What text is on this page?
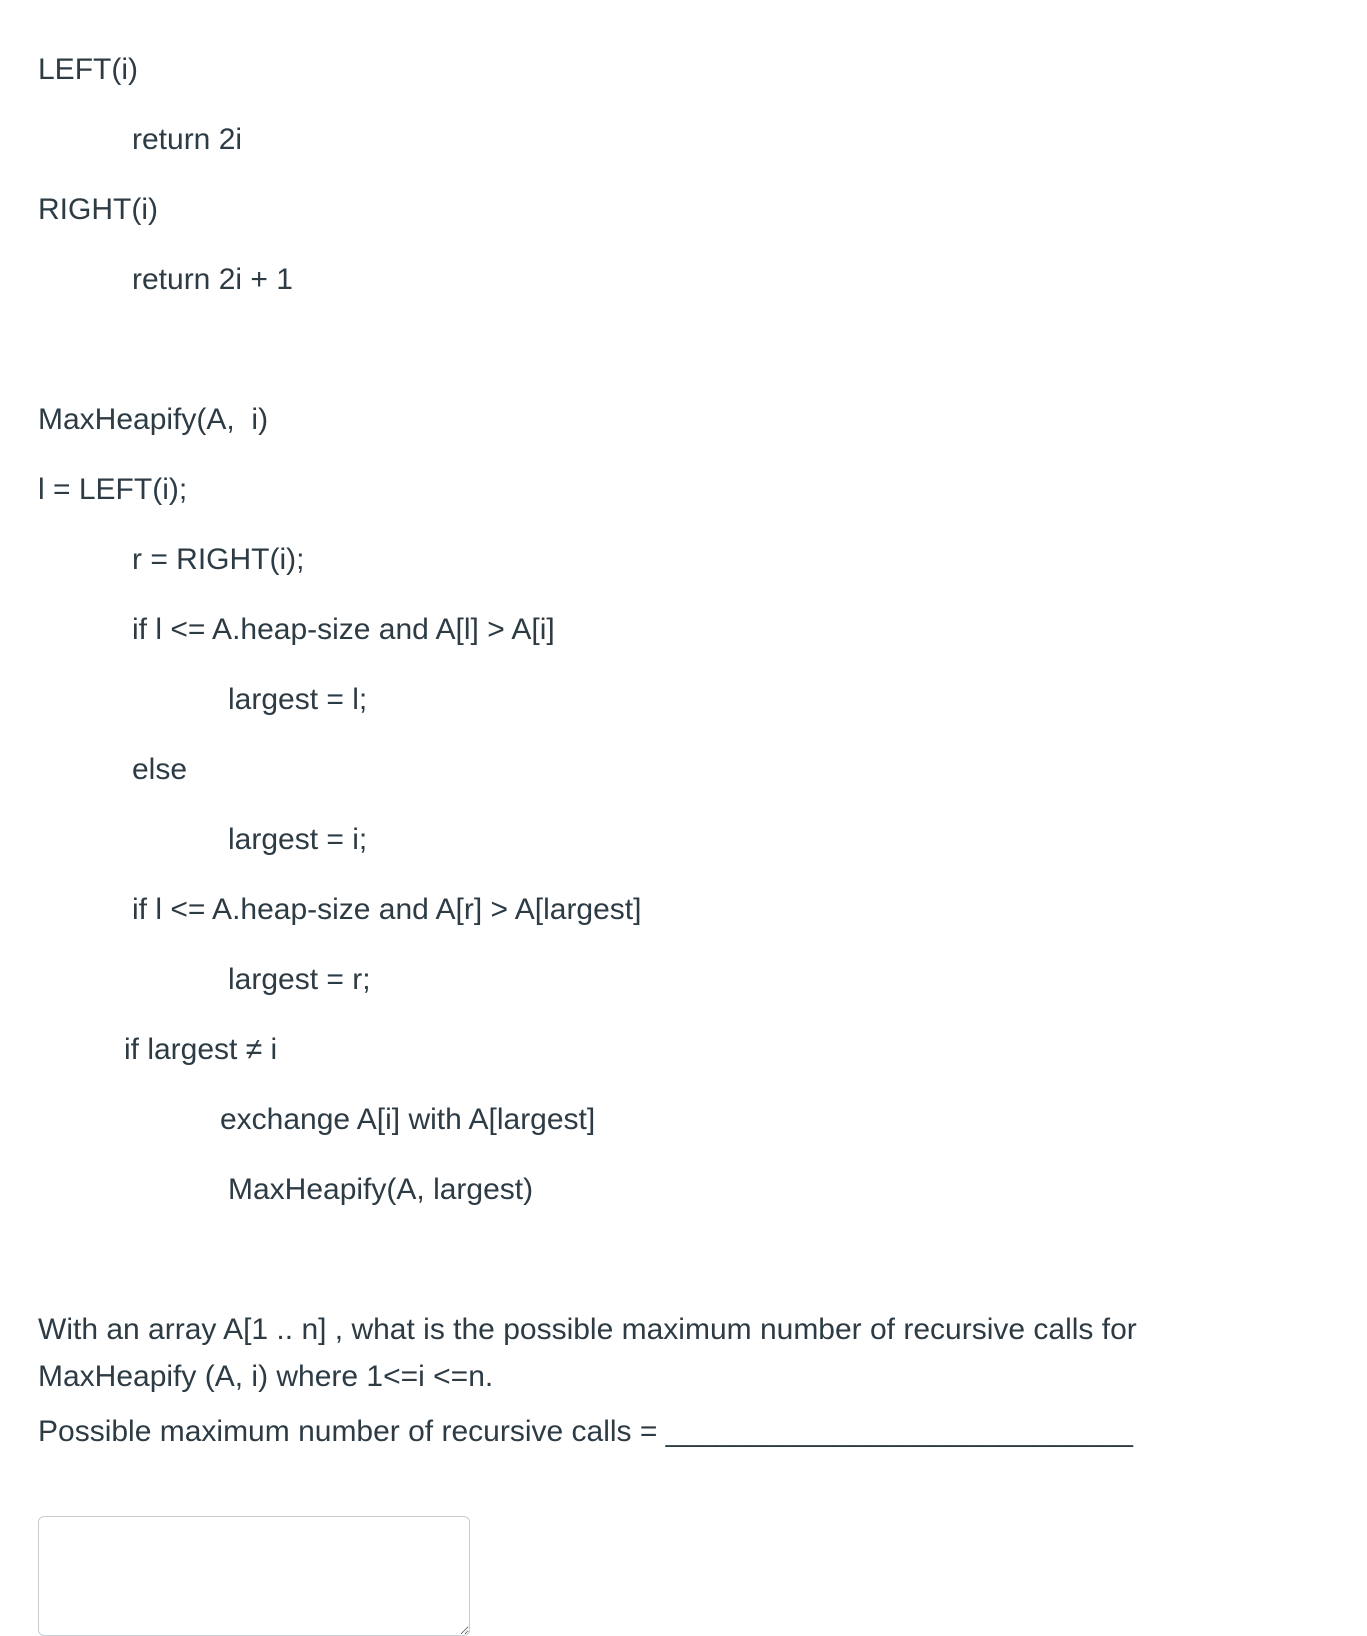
LEFT(i)
return 2i
RIGHT(i)
return 2i + 1
MaxHeapify(A,  i)
l = LEFT(i);
r = RIGHT(i);
if l <= A.heap-size and A[l] > A[i]
largest = l;
else
largest = i;
if l <= A.heap-size and A[r] > A[largest]
largest = r;
if largest ≠ i
exchange A[i] with A[largest]
MaxHeapify(A, largest)
With an array A[1 .. n] , what is the possible maximum number of recursive calls for MaxHeapify (A, i) where 1<=i <=n.
Possible maximum number of recursive calls = ____________________________
